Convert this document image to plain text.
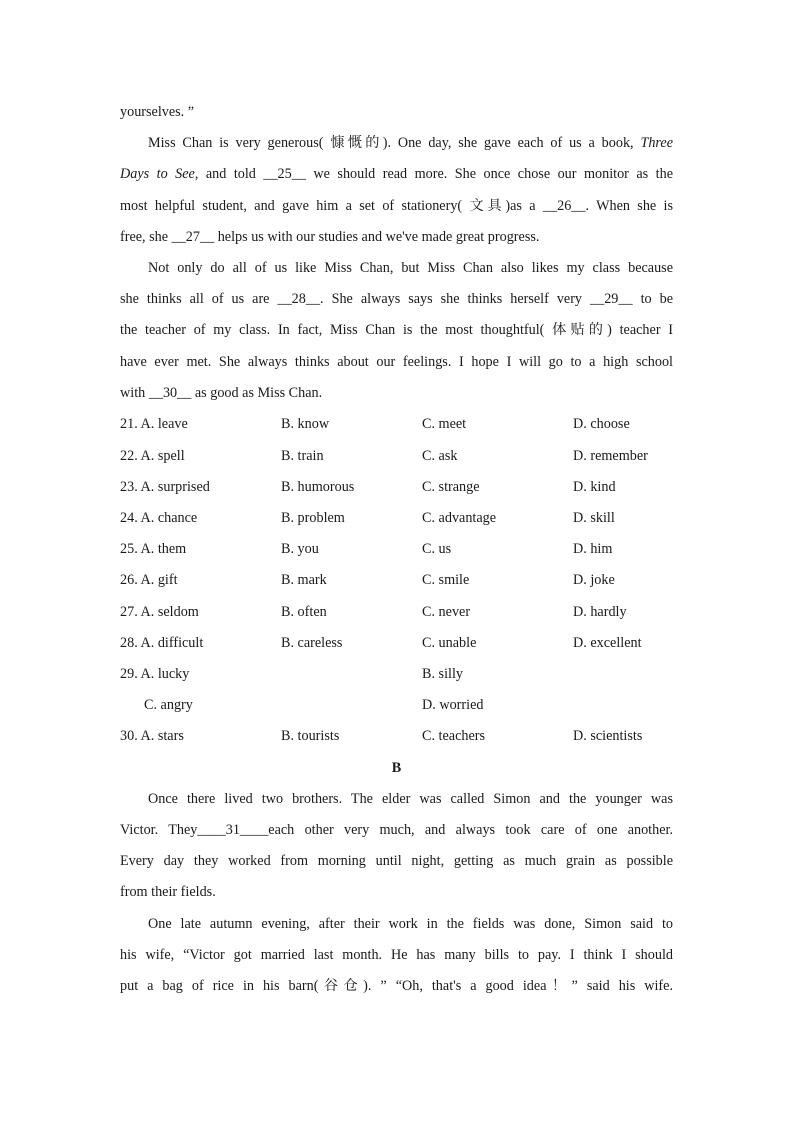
yourselves. ”
Miss Chan is very generous( 慷慨的). One day, she gave each of us a book, Three
Days to See, and told __25__ we should read more. She once chose our monitor as the
most helpful student, and gave him a set of stationery( 文具)as a __26__. When she is
free, she __27__ helps us with our studies and we've made great progress.
Not only do all of us like Miss Chan, but Miss Chan also likes my class because
she thinks all of us are __28__. She always says she thinks herself very __29__ to be
the teacher of my class. In fact, Miss Chan is the most thoughtful( 体贴的) teacher I
have ever met. She always thinks about our feelings. I hope I will go to a high school
with __30__ as good as Miss Chan.
21. A. leave	B. know	C. meet	D. choose
22. A. spell	B. train	C. ask	D. remember
23. A. surprised	B. humorous	C. strange	D. kind
24. A. chance	B. problem	C. advantage	D. skill
25. A. them	B. you	C. us	D. him
26. A. gift	B. mark	C. smile	D. joke
27. A. seldom	B. often	C. never	D. hardly
28. A. difficult	B. careless	C. unable	D. excellent
29. A. lucky	B. silly
C. angry	D. worried
30. A. stars	B. tourists	C. teachers	D. scientists
B
Once there lived two brothers. The elder was called Simon and the younger was
Victor. They____31____each other very much, and always took care of one another.
Every day they worked from morning until night, getting as much grain as possible
from their fields.
One late autumn evening, after their work in the fields was done, Simon said to
his wife, “Victor got married last month. He has many bills to pay. I think I should
put a bag of rice in his barn(谷仓). ” “Oh, that's a good idea！” said his wife.
